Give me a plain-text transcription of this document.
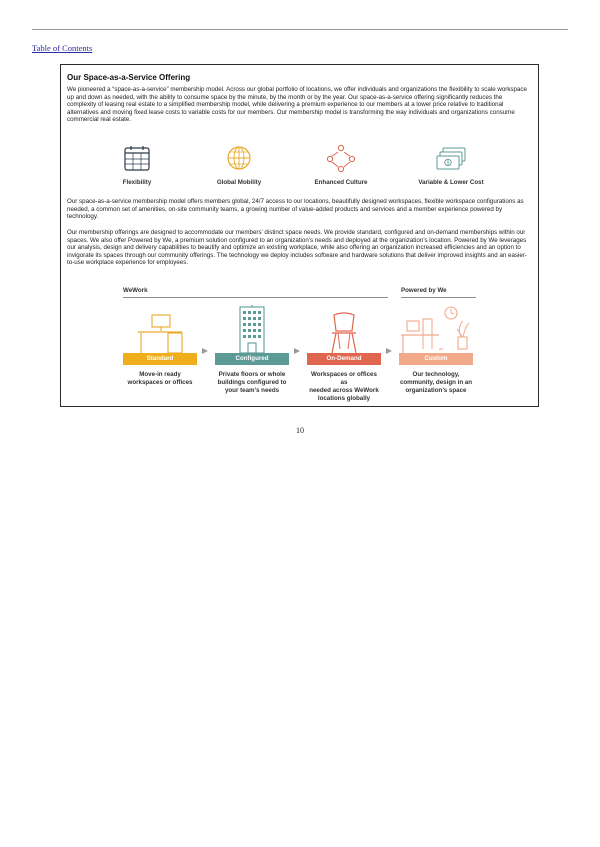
Table of Contents
Our Space-as-a-Service Offering

We pioneered a “space-as-a-service” membership model. Across our global portfolio of locations, we offer individuals and organizations the flexibility to scale workspace up and down as needed, with the ability to consume space by the minute, by the month or by the year. Our space-as-a-service offering significantly reduces the complexity of leasing real estate to a simplified membership model, while delivering a premium experience to our members at a lower price relative to traditional alternatives and moving fixed lease costs to variable costs for our members. Our membership model is transforming the way individuals and organizations consume commercial real estate.

Flexibility	Global Mobility	Enhanced Culture
$
Variable & Lower Cost

Our space-as-a-service membership model offers members global, 24/7 access to our locations, beautifully designed workspaces, flexible workspace configurations as needed, a common set of amenities, on-site community teams, a growing number of value-added products and services and a member experience powered by technology.

Our membership offerings are designed to accommodate our members’ distinct space needs. We provide standard, configured and on-demand memberships within our spaces. We also offer Powered by We, a premium solution configured to an organization’s needs and deployed at the organization’s location. Powered by We leverages our analysis, design and delivery capabilities to beautify and optimize an existing workplace, while also offering an organization increased efficiencies and an option to invigorate its spaces through our community offerings. The technology we deploy includes software and hardware solutions that deliver improved insights and an easier-to-use workplace experience for employees.

WeWork	Powered by We
Standard
Move-in ready
workspaces or offices
Configured
Private floors or whole
buildings configured to
your team’s needs
On-Demand
Workspaces or offices as
needed across WeWork
locations globally
Custom
Our technology,
community, design in an
organization’s space
10
